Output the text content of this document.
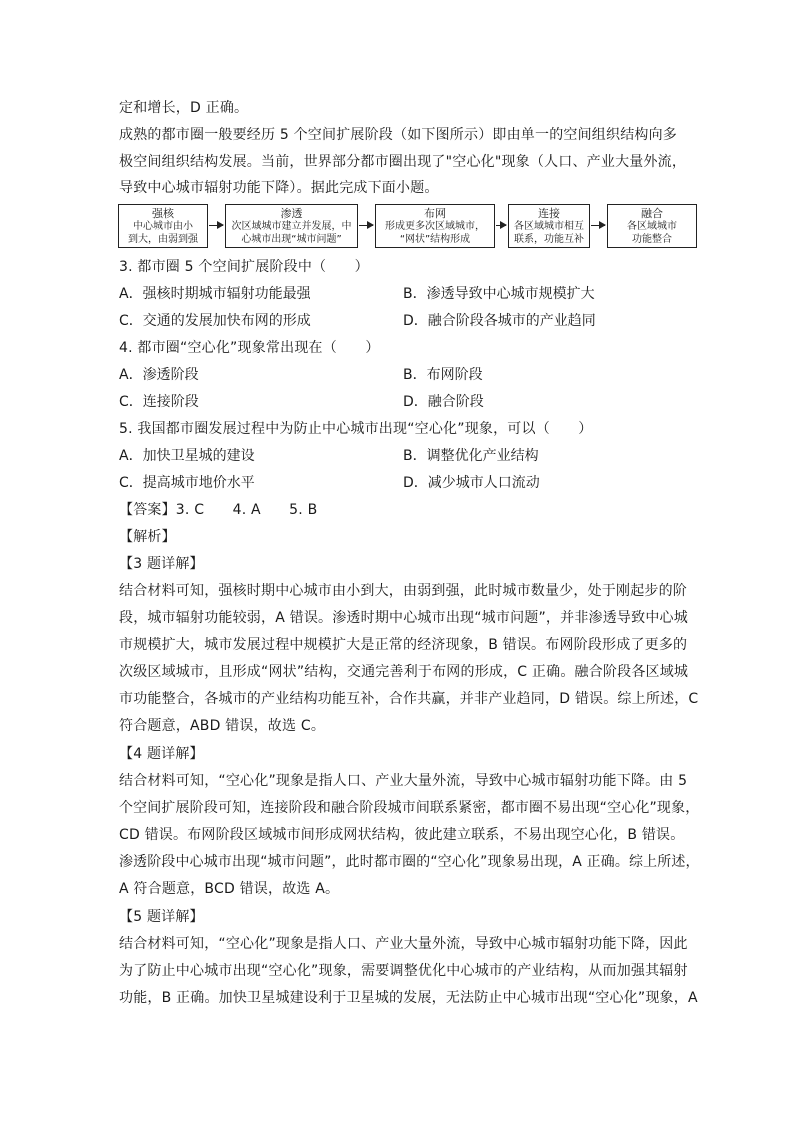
定和增长，D 正确。
成熟的都市圈一般要经历 5 个空间扩展阶段（如下图所示）即由单一的空间组织结构向多
极空间组织结构发展。当前，世界部分都市圈出现了"空心化"现象（人口、产业大量外流，
导致中心城市辐射功能下降）。据此完成下面小题。
强核
中心城市由小
到大，由弱到强
渗透
次区域城市建立并发展，中
心城市出现“城市问题”
布网
形成更多次区域城市，
“网状”结构形成
连接
各区域城市相互
联系，功能互补
融合
各区域城市
功能整合
3. 都市圈 5 个空间扩展阶段中（　　）
A．强核时期城市辐射功能最强	B．渗透导致中心城市规模扩大
C．交通的发展加快布网的形成	D．融合阶段各城市的产业趋同
4. 都市圈“空心化”现象常出现在（　　）
A．渗透阶段	B．布网阶段
C．连接阶段	D．融合阶段
5. 我国都市圈发展过程中为防止中心城市出现“空心化”现象，可以（　　）
A．加快卫星城的建设	B．调整优化产业结构
C．提高城市地价水平	D．减少城市人口流动
【答案】3. C　　4. A　　5. B
【解析】
【3 题详解】
结合材料可知，强核时期中心城市由小到大，由弱到强，此时城市数量少，处于刚起步的阶
段，城市辐射功能较弱，A 错误。渗透时期中心城市出现“城市问题”，并非渗透导致中心城
市规模扩大，城市发展过程中规模扩大是正常的经济现象，B 错误。布网阶段形成了更多的
次级区域城市，且形成“网状”结构，交通完善利于布网的形成，C 正确。融合阶段各区域城
市功能整合，各城市的产业结构功能互补，合作共赢，并非产业趋同，D 错误。综上所述，C
符合题意，ABD 错误，故选 C。
【4 题详解】
结合材料可知，“空心化”现象是指人口、产业大量外流，导致中心城市辐射功能下降。由 5
个空间扩展阶段可知，连接阶段和融合阶段城市间联系紧密，都市圈不易出现“空心化”现象，
CD 错误。布网阶段区域城市间形成网状结构，彼此建立联系，不易出现空心化，B 错误。
渗透阶段中心城市出现“城市问题”，此时都市圈的“空心化”现象易出现，A 正确。综上所述，
A 符合题意，BCD 错误，故选 A。
【5 题详解】
结合材料可知，“空心化”现象是指人口、产业大量外流，导致中心城市辐射功能下降，因此
为了防止中心城市出现“空心化”现象，需要调整优化中心城市的产业结构，从而加强其辐射
功能，B 正确。加快卫星城建设利于卫星城的发展，无法防止中心城市出现“空心化”现象，A
